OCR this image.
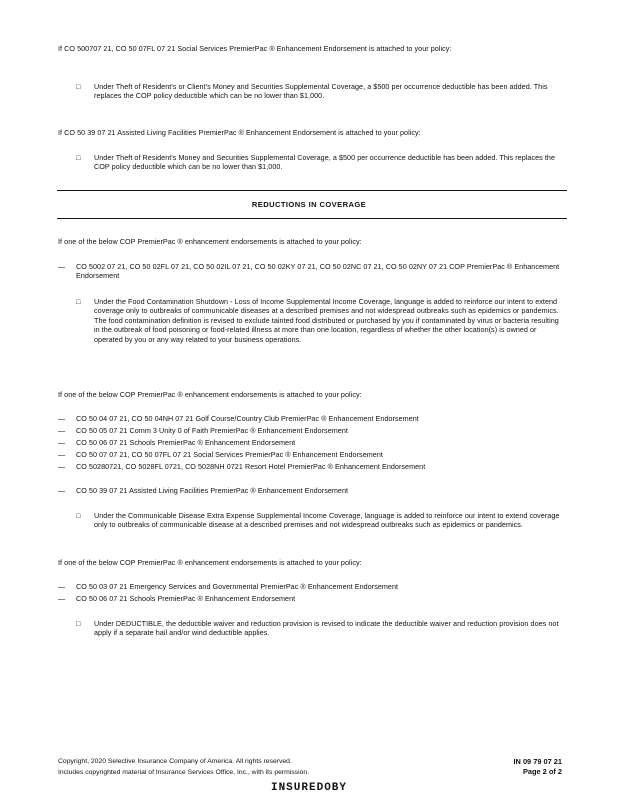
If CO 500707 21, CO 50 07FL 07 21 Social Services PremierPac ® Enhancement Endorsement is attached to your policy:
□ Under Theft of Resident's or Client's Money and Securities Supplemental Coverage, a $500 per occurrence deductible has been added. This replaces the COP policy deductible which can be no lower than $1,000.
If CO 50 39 07 21 Assisted Living Facilities PremierPac ® Enhancement Endorsement is attached to your policy:
□ Under Theft of Resident's Money and Securities Supplemental Coverage, a $500 per occurrence deductible has been added. This replaces the COP policy deductible which can be no lower than $1,000.
REDUCTIONS IN COVERAGE
If one of the below COP PremierPac ® enhancement endorsements is attached to your policy:
— CO 5002 07 21, CO 50 02FL 07 21, CO 50 02IL 07 21, CO 50 02KY 07 21, CO 50 02NC 07 21, CO 50 02NY 07 21 COP PremierPac ® Enhancement Endorsement
□ Under the Food Contamination Shutdown - Loss of Income Supplemental Income Coverage, language is added to reinforce our intent to extend coverage only to outbreaks of communicable diseases at a described premises and not widespread outbreaks such as epidemics or pandemics. The food contamination definition is revised to exclude tainted food distributed or purchased by you if contaminated by virus or bacteria resulting in the outbreak of food poisoning or food-related illness at more than one location, regardless of whether the other location(s) is owned or operated by you or any way related to your business operations.
If one of the below COP PremierPac ® enhancement endorsements is attached to your policy:
— CO 50 04 07 21, CO 50 04NH 07 21 Golf Course/Country Club PremierPac ® Enhancement Endorsement
— CO 50 05 07 21 Comm 3 Unity 0 of Faith PremierPac ® Enhancement Endorsement
— CO 50 06 07 21 Schools PremierPac ® Enhancement Endorsement
— CO 50 07 07 21, CO 50 07FL 07 21 Social Services PremierPac ® Enhancement Endorsement
— CO 50280721, CO 5028FL 0721, CO 5028NH 0721 Resort Hotel PremierPac ® Enhancement Endorsement
— CO 50 39 07 21 Assisted Living Facilities PremierPac ® Enhancement Endorsement
□ Under the Communicable Disease Extra Expense Supplemental Income Coverage, language is added to reinforce our intent to extend coverage only to outbreaks of communicable disease at a described premises and not widespread outbreaks such as epidemics or pandemics.
If one of the below COP PremierPac ® enhancement endorsements is attached to your policy:
— CO 50 03 07 21 Emergency Services and Governmental PremierPac ® Enhancement Endorsement
— CO 50 06 07 21 Schools PremierPac ® Enhancement Endorsement
□ Under DEDUCTIBLE, the deductible waiver and reduction provision is revised to indicate the deductible waiver and reduction provision does not apply if a separate hail and/or wind deductible applies.
Copyright, 2020 Selective Insurance Company of America. All rights reserved.
Includes copyrighted material of Insurance Services Office, Inc., with its permission.
IN 09 79 07 21
Page 2 of 2
INSUREDOBY
